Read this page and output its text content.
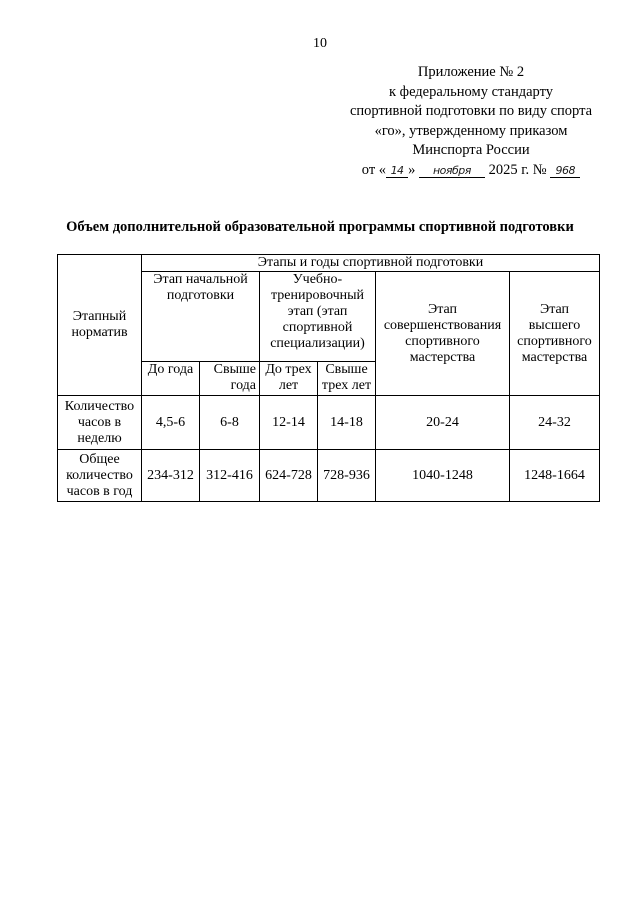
10
Приложение № 2
к федеральному стандарту
спортивной подготовки по виду спорта
«го», утвержденному приказом
Минспорта России
от « 14 » ноября 2025 г. № 968
Объем дополнительной образовательной программы спортивной подготовки
Этапный норматив	Этапы и годы спортивной подготовки					

	Этап начальной подготовки		Учебно-тренировочный этап (этап спортивной специализации)		Этап совершенствования спортивного мастерства	Этап высшего спортивного мастерства

	До года	Свыше года	До трех лет	Свыше трех лет		

Количество часов в неделю	4,5-6	6-8	12-14	14-18	20-24	24-32

Общее количество часов в год	234-312	312-416	624-728	728-936	1040-1248	1248-1664
